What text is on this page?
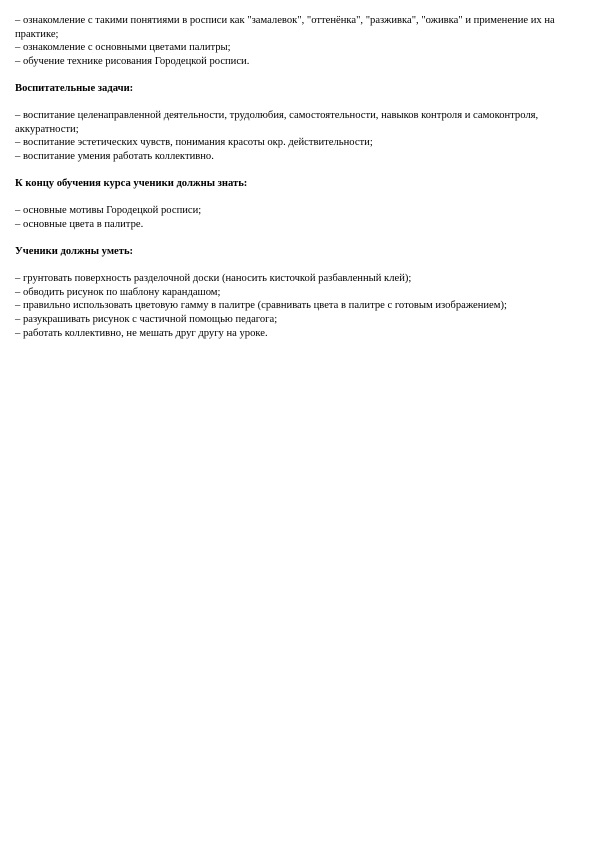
– ознакомление с такими понятиями в росписи как "замалевок", "оттенёнка", "разживка", "оживка" и применение их на практике;

– ознакомление с основными цветами палитры;

– обучение технике рисования Городецкой росписи.

Воспитательные задачи:

– воспитание целенаправленной деятельности, трудолюбия, самостоятельности, навыков контроля и самоконтроля, аккуратности;

– воспитание эстетических чувств, понимания красоты окр. действительности;

– воспитание умения работать коллективно.

К концу обучения курса ученики должны знать:

– основные мотивы Городецкой росписи;

– основные цвета в палитре.

Ученики должны уметь:

– грунтовать поверхность разделочной доски (наносить кисточкой разбавленный клей);

– обводить рисунок по шаблону карандашом;

– правильно использовать цветовую гамму в палитре (сравнивать цвета в палитре с готовым изображением);

– разукрашивать рисунок с частичной помощью педагога;

– работать коллективно, не мешать друг другу на уроке.
